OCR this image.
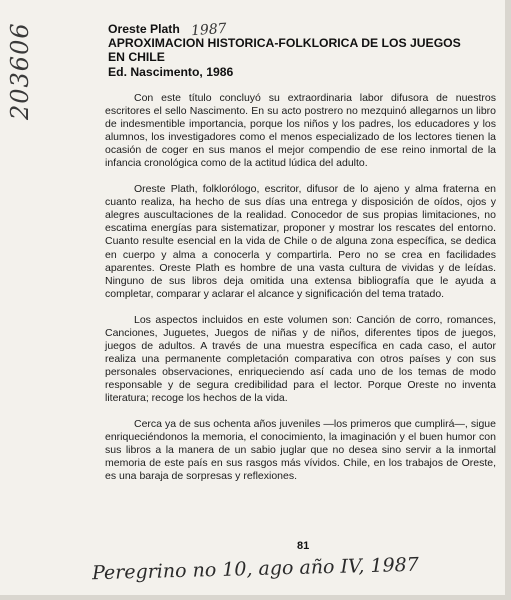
203606	Oreste Plath
APROXIMACION HISTORICA-FOLKLORICA DE LOS JUEGOS
EN CHILE
Ed. Nascimento, 1986
1987

Con este título concluyó su extraordinaria labor difusora de nuestros escritores el sello Nascimento. En su acto postrero no mezquinó allegarnos un libro de indesmentible importancia, porque los niños y los padres, los educadores y los alumnos, los investigadores como el menos especializado de los lectores tienen la ocasión de coger en sus manos el mejor compendio de ese reino inmortal de la infancia cronológica como de la actitud lúdica del adulto.

Oreste Plath, folklorólogo, escritor, difusor de lo ajeno y alma fraterna en cuanto realiza, ha hecho de sus días una entrega y disposición de oídos, ojos y alegres auscultaciones de la realidad. Conocedor de sus propias limitaciones, no escatima energías para sistematizar, proponer y mostrar los rescates del entorno. Cuanto resulte esencial en la vida de Chile o de alguna zona específica, se dedica en cuerpo y alma a conocerla y compartirla. Pero no se crea en facilidades aparentes. Oreste Plath es hombre de una vasta cultura de vividas y de leídas. Ninguno de sus libros deja omitida una extensa bibliografía que le ayuda a completar, comparar y aclarar el alcance y significación del tema tratado.

Los aspectos incluidos en este volumen son: Canción de corro, romances, Canciones, Juguetes, Juegos de niñas y de niños, diferentes tipos de juegos, juegos de adultos. A través de una muestra específica en cada caso, el autor realiza una permanente completación comparativa con otros países y con sus personales observaciones, enriqueciendo así cada uno de los temas de modo responsable y de segura credibilidad para el lector. Porque Oreste no inventa literatura; recoge los hechos de la vida.

Cerca ya de sus ochenta años juveniles —los primeros que cumplirá—, sigue enriqueciéndonos la memoria, el conocimiento, la imaginación y el buen humor con sus libros a la manera de un sabio juglar que no desea sino servir a la inmortal memoria de este país en sus rasgos más vívidos. Chile, en los trabajos de Oreste, es una baraja de sorpresas y reflexiones.

81
Peregrino no 10, ago año IV, 1987
